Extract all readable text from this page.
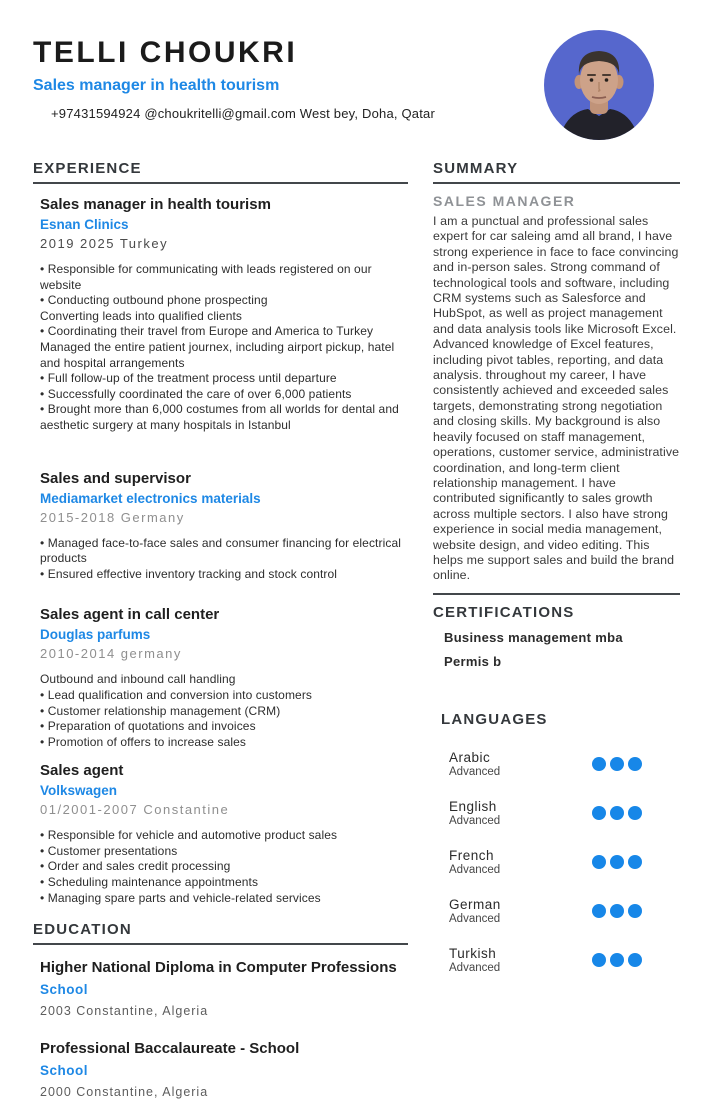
TELLI CHOUKRI
Sales manager in health tourism
+97431594924 @choukritelli@gmail.com West bey, Doha, Qatar
EXPERIENCE
Sales manager in health tourism
Esnan Clinics
2019 2025 Turkey
• Responsible for communicating with leads registered on our website
• Conducting outbound phone prospecting
Converting leads into qualified clients
• Coordinating their travel from Europe and America to Turkey
Managed the entire patient journex, including airport pickup, hatel and hospital arrangements
• Full follow-up of the treatment process until departure
• Successfully coordinated the care of over 6,000 patients
• Brought more than 6,000 costumes from all worlds for dental and aesthetic surgery at many hospitals in Istanbul
Sales and supervisor
Mediamarket electronics materials
2015-2018 Germany
• Managed face-to-face sales and consumer financing for electrical products
• Ensured effective inventory tracking and stock control
Sales agent in call center
Douglas parfums
2010-2014 germany
Outbound and inbound call handling
• Lead qualification and conversion into customers
• Customer relationship management (CRM)
• Preparation of quotations and invoices
• Promotion of offers to increase sales
Sales agent
Volkswagen
01/2001-2007 Constantine
• Responsible for vehicle and automotive product sales
• Customer presentations
• Order and sales credit processing
• Scheduling maintenance appointments
• Managing spare parts and vehicle-related services
EDUCATION
Higher National Diploma in Computer Professions
School
2003 Constantine, Algeria
Professional Baccalaureate - School
School
2000 Constantine, Algeria
SUMMARY
SALES MANAGER
I am a punctual and professional sales expert for car saleing amd all brand, I have strong experience in face to face convincing and in-person sales. Strong command of technological tools and software, including CRM systems such as Salesforce and HubSpot, as well as project management and data analysis tools like Microsoft Excel. Advanced knowledge of Excel features, including pivot tables, reporting, and data analysis. throughout my career, I have consistently achieved and exceeded sales targets, demonstrating strong negotiation and closing skills. My background is also heavily focused on staff management, operations, customer service, administrative coordination, and long-term client relationship management. I have contributed significantly to sales growth across multiple sectors. I also have strong experience in social media management, website design, and video editing. This helps me support sales and build the brand online.
CERTIFICATIONS
Business management mba
Permis b
LANGUAGES
Arabic
Advanced
English
Advanced
French
Advanced
German
Advanced
Turkish
Advanced
